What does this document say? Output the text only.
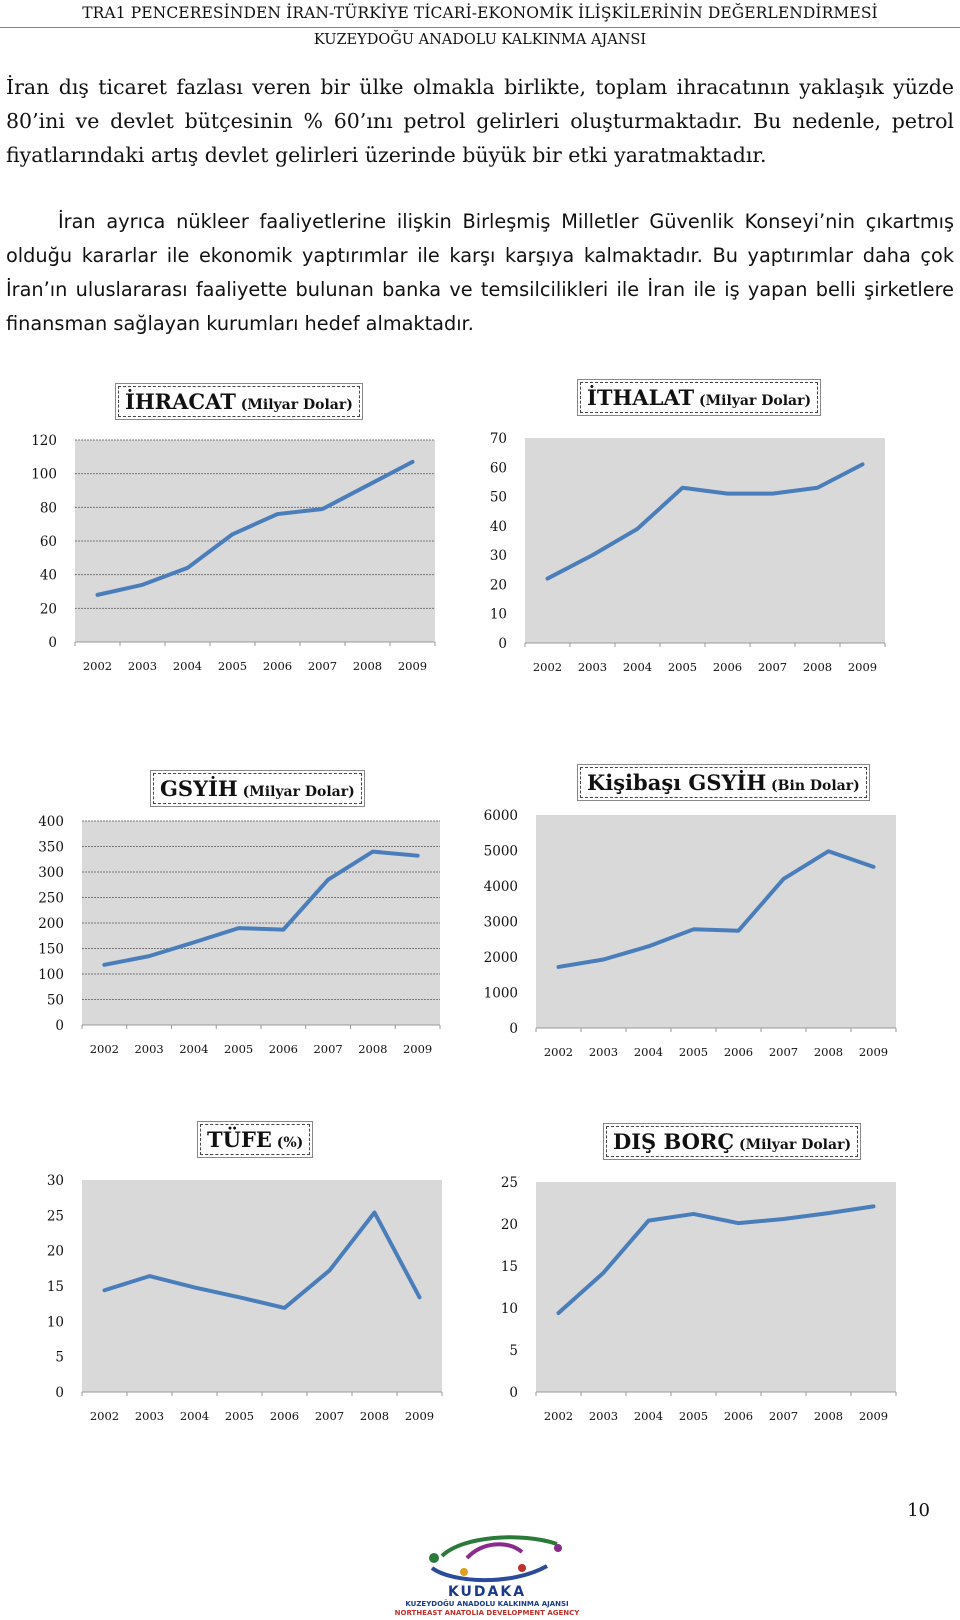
TRA1 PENCERESİNDEN İRAN-TÜRKİYE TİCARİ-EKONOMİK İLİŞKİLERİNİN DEĞERLENDİRMESİ
KUZEYDOĞU ANADOLU KALKINMA AJANSI
İran dış ticaret fazlası veren bir ülke olmakla birlikte, toplam ihracatının yaklaşık yüzde 80’ini ve devlet bütçesinin % 60’ını petrol gelirleri oluşturmaktadır. Bu nedenle, petrol fiyatlarındaki artış devlet gelirleri üzerinde büyük bir etki yaratmaktadır.
İran ayrıca nükleer faaliyetlerine ilişkin Birleşmiş Milletler Güvenlik Konseyi’nin çıkartmış olduğu kararlar ile ekonomik yaptırımlar ile karşı karşıya kalmaktadır. Bu yaptırımlar daha çok İran’ın uluslararası faaliyette bulunan banka ve temsilcilikleri ile İran ile iş yapan belli şirketlere finansman sağlayan kurumları hedef almaktadır.
0
20
40
60
80
100
120
2002 2003 2004 2005 2006 2007 2008 2009
İHRACAT (Milyar Dolar)
0
10
20
30
40
50
60
70
2002 2003 2004 2005 2006 2007 2008 2009
İTHALAT (Milyar Dolar)
0
50
100
150
200
250
300
350
400
2002 2003 2004 2005 2006 2007 2008 2009
GSYİH (Milyar Dolar)
0
1000
2000
3000
4000
5000
6000
2002 2003 2004 2005 2006 2007 2008 2009
Kişibaşı GSYİH (Bin Dolar)
0
5
10
15
20
25
30
2002 2003 2004 2005 2006 2007 2008 2009
TÜFE (%)
0
5
10
15
20
25
2002 2003 2004 2005 2006 2007 2008 2009
DIŞ BORÇ (Milyar Dolar)
10
KUDAKA
KUZEYDOĞU ANADOLU KALKINMA AJANSI
NORTHEAST ANATOLIA DEVELOPMENT AGENCY
